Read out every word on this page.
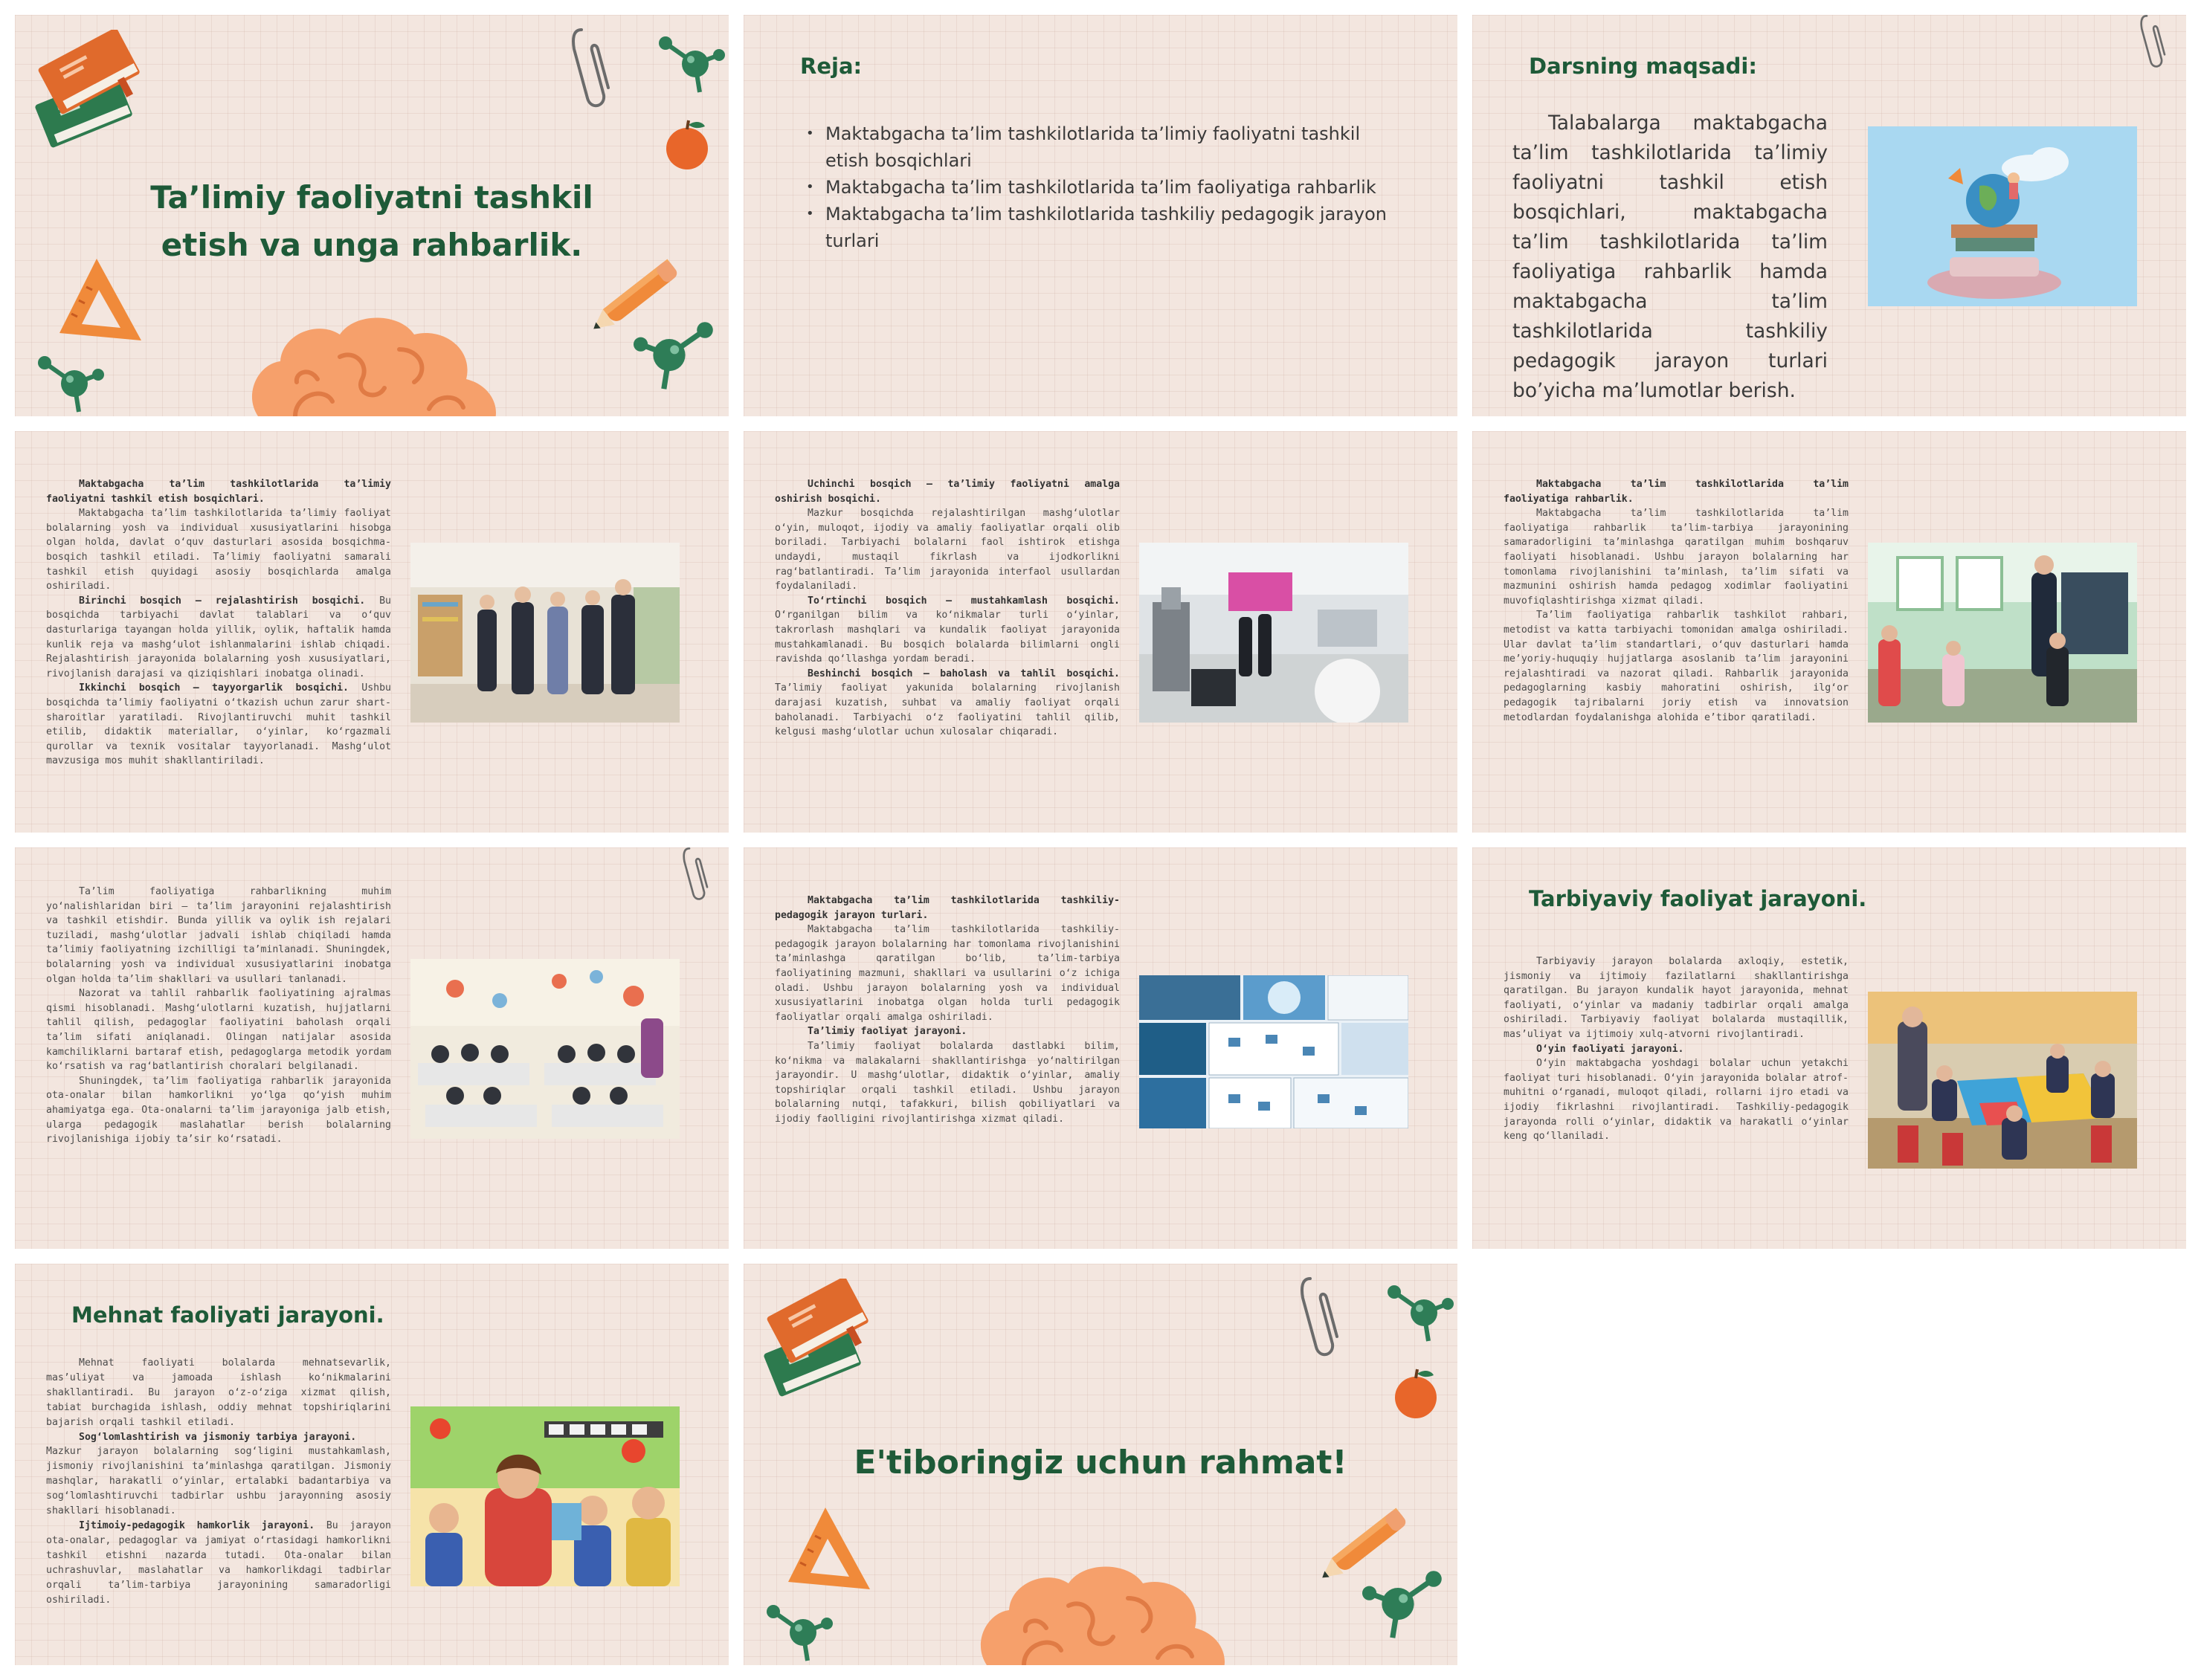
Ta’limiy faoliyatni tashkil
etish va unga rahbarlik.
Reja:
• Maktabgacha ta’lim tashkilotlarida ta’limiy faoliyatni tashkil etish bosqichlari
• Maktabgacha ta’lim tashkilotlarida ta’lim faoliyatiga rahbarlik
• Maktabgacha ta’lim tashkilotlarida tashkiliy pedagogik jarayon turlari
Darsning maqsadi:

Talabalarga maktabgacha ta’lim tashkilotlarida ta’limiy faoliyatni tashkil etish bosqichlari, maktabgacha ta’lim tashkilotlarida ta’lim faoliyatiga rahbarlik hamda maktabgacha ta’lim tashkilotlarida tashkiliy pedagogik jarayon turlari bo’yicha ma’lumotlar berish.

Maktabgacha ta’lim tashkilotlarida ta’limiy faoliyatni tashkil etish bosqichlari.

Maktabgacha ta’lim tashkilotlarida ta’limiy faoliyat bolalarning yosh va individual xususiyatlarini hisobga olgan holda, davlat o‘quv dasturlari asosida bosqichma-bosqich tashkil etiladi. Ta’limiy faoliyatni samarali tashkil etish quyidagi asosiy bosqichlarda amalga oshiriladi.

Birinchi bosqich – rejalashtirish bosqichi. Bu bosqichda tarbiyachi davlat talablari va o‘quv dasturlariga tayangan holda yillik, oylik, haftalik hamda kunlik reja va mashg‘ulot ishlanmalarini ishlab chiqadi. Rejalashtirish jarayonida bolalarning yosh xususiyatlari, rivojlanish darajasi va qiziqishlari inobatga olinadi.

Ikkinchi bosqich – tayyorgarlik bosqichi. Ushbu bosqichda ta’limiy faoliyatni o‘tkazish uchun zarur shart-sharoitlar yaratiladi. Rivojlantiruvchi muhit tashkil etilib, didaktik materiallar, o‘yinlar, ko‘rgazmali qurollar va texnik vositalar tayyorlanadi. Mashg‘ulot mavzusiga mos muhit shakllantiriladi.

Uchinchi bosqich – ta’limiy faoliyatni amalga oshirish bosqichi.

Mazkur bosqichda rejalashtirilgan mashg‘ulotlar o‘yin, muloqot, ijodiy va amaliy faoliyatlar orqali olib boriladi. Tarbiyachi bolalarni faol ishtirok etishga undaydi, mustaqil fikrlash va ijodkorlikni rag‘batlantiradi. Ta’lim jarayonida interfaol usullardan foydalaniladi.

To‘rtinchi bosqich – mustahkamlash bosqichi. O‘rganilgan bilim va ko‘nikmalar turli o‘yinlar, takrorlash mashqlari va kundalik faoliyat jarayonida mustahkamlanadi. Bu bosqich bolalarda bilimlarni ongli ravishda qo‘llashga yordam beradi.

Beshinchi bosqich – baholash va tahlil bosqichi. Ta’limiy faoliyat yakunida bolalarning rivojlanish darajasi kuzatish, suhbat va amaliy faoliyat orqali baholanadi. Tarbiyachi o‘z faoliyatini tahlil qilib, kelgusi mashg‘ulotlar uchun xulosalar chiqaradi.

Maktabgacha ta’lim tashkilotlarida ta’lim faoliyatiga rahbarlik.

Maktabgacha ta’lim tashkilotlarida ta’lim faoliyatiga rahbarlik ta’lim-tarbiya jarayonining samaradorligini ta’minlashga qaratilgan muhim boshqaruv faoliyati hisoblanadi. Ushbu jarayon bolalarning har tomonlama rivojlanishini ta’minlash, ta’lim sifati va mazmunini oshirish hamda pedagog xodimlar faoliyatini muvofiqlashtirishga xizmat qiladi.

Ta’lim faoliyatiga rahbarlik tashkilot rahbari, metodist va katta tarbiyachi tomonidan amalga oshiriladi. Ular davlat ta’lim standartlari, o‘quv dasturlari hamda me’yoriy-huquqiy hujjatlarga asoslanib ta’lim jarayonini rejalashtiradi va nazorat qiladi. Rahbarlik jarayonida pedagoglarning kasbiy mahoratini oshirish, ilg‘or pedagogik tajribalarni joriy etish va innovatsion metodlardan foydalanishga alohida e’tibor qaratiladi.

Ta’lim faoliyatiga rahbarlikning muhim yo‘nalishlaridan biri – ta’lim jarayonini rejalashtirish va tashkil etishdir. Bunda yillik va oylik ish rejalari tuziladi, mashg‘ulotlar jadvali ishlab chiqiladi hamda ta’limiy faoliyatning izchilligi ta’minlanadi. Shuningdek, bolalarning yosh va individual xususiyatlarini inobatga olgan holda ta’lim shakllari va usullari tanlanadi.

Nazorat va tahlil rahbarlik faoliyatining ajralmas qismi hisoblanadi. Mashg‘ulotlarni kuzatish, hujjatlarni tahlil qilish, pedagoglar faoliyatini baholash orqali ta’lim sifati aniqlanadi. Olingan natijalar asosida kamchiliklarni bartaraf etish, pedagoglarga metodik yordam ko‘rsatish va rag‘batlantirish choralari belgilanadi.

Shuningdek, ta’lim faoliyatiga rahbarlik jarayonida ota-onalar bilan hamkorlikni yo‘lga qo‘yish muhim ahamiyatga ega. Ota-onalarni ta’lim jarayoniga jalb etish, ularga pedagogik maslahatlar berish bolalarning rivojlanishiga ijobiy ta’sir ko‘rsatadi.

Maktabgacha ta’lim tashkilotlarida tashkiliy-pedagogik jarayon turlari.

Maktabgacha ta’lim tashkilotlarida tashkiliy-pedagogik jarayon bolalarning har tomonlama rivojlanishini ta’minlashga qaratilgan bo‘lib, ta’lim-tarbiya faoliyatining mazmuni, shakllari va usullarini o‘z ichiga oladi. Ushbu jarayon bolalarning yosh va individual xususiyatlarini inobatga olgan holda turli pedagogik faoliyatlar orqali amalga oshiriladi.

Ta’limiy faoliyat jarayoni.

Ta’limiy faoliyat bolalarda dastlabki bilim, ko‘nikma va malakalarni shakllantirishga yo‘naltirilgan jarayondir. U mashg‘ulotlar, didaktik o‘yinlar, amaliy topshiriqlar orqali tashkil etiladi. Ushbu jarayon bolalarning nutqi, tafakkuri, bilish qobiliyatlari va ijodiy faolligini rivojlantirishga xizmat qiladi.

Tarbiyaviy faoliyat jarayoni.

Tarbiyaviy jarayon bolalarda axloqiy, estetik, jismoniy va ijtimoiy fazilatlarni shakllantirishga qaratilgan. Bu jarayon kundalik hayot jarayonida, mehnat faoliyati, o‘yinlar va madaniy tadbirlar orqali amalga oshiriladi. Tarbiyaviy faoliyat bolalarda mustaqillik, mas’uliyat va ijtimoiy xulq-atvorni rivojlantiradi.

O‘yin faoliyati jarayoni.

O‘yin maktabgacha yoshdagi bolalar uchun yetakchi faoliyat turi hisoblanadi. O‘yin jarayonida bolalar atrof-muhitni o‘rganadi, muloqot qiladi, rollarni ijro etadi va ijodiy fikrlashni rivojlantiradi. Tashkiliy-pedagogik jarayonda rolli o‘yinlar, didaktik va harakatli o‘yinlar keng qo‘llaniladi.

Mehnat faoliyati jarayoni.

Mehnat faoliyati bolalarda mehnatsevarlik, mas’uliyat va jamoada ishlash ko‘nikmalarini shakllantiradi. Bu jarayon o‘z-o‘ziga xizmat qilish, tabiat burchagida ishlash, oddiy mehnat topshiriqlarini bajarish orqali tashkil etiladi.

Sog‘lomlashtirish va jismoniy tarbiya jarayoni.

Mazkur jarayon bolalarning sog‘ligini mustahkamlash, jismoniy rivojlanishini ta’minlashga qaratilgan. Jismoniy mashqlar, harakatli o‘yinlar, ertalabki badantarbiya va sog‘lomlashtiruvchi tadbirlar ushbu jarayonning asosiy shakllari hisoblanadi.

Ijtimoiy-pedagogik hamkorlik jarayoni. Bu jarayon ota-onalar, pedagoglar va jamiyat o‘rtasidagi hamkorlikni tashkil etishni nazarda tutadi. Ota-onalar bilan uchrashuvlar, maslahatlar va hamkorlikdagi tadbirlar orqali ta’lim-tarbiya jarayonining samaradorligi oshiriladi.

E'tiboringiz uchun rahmat!
